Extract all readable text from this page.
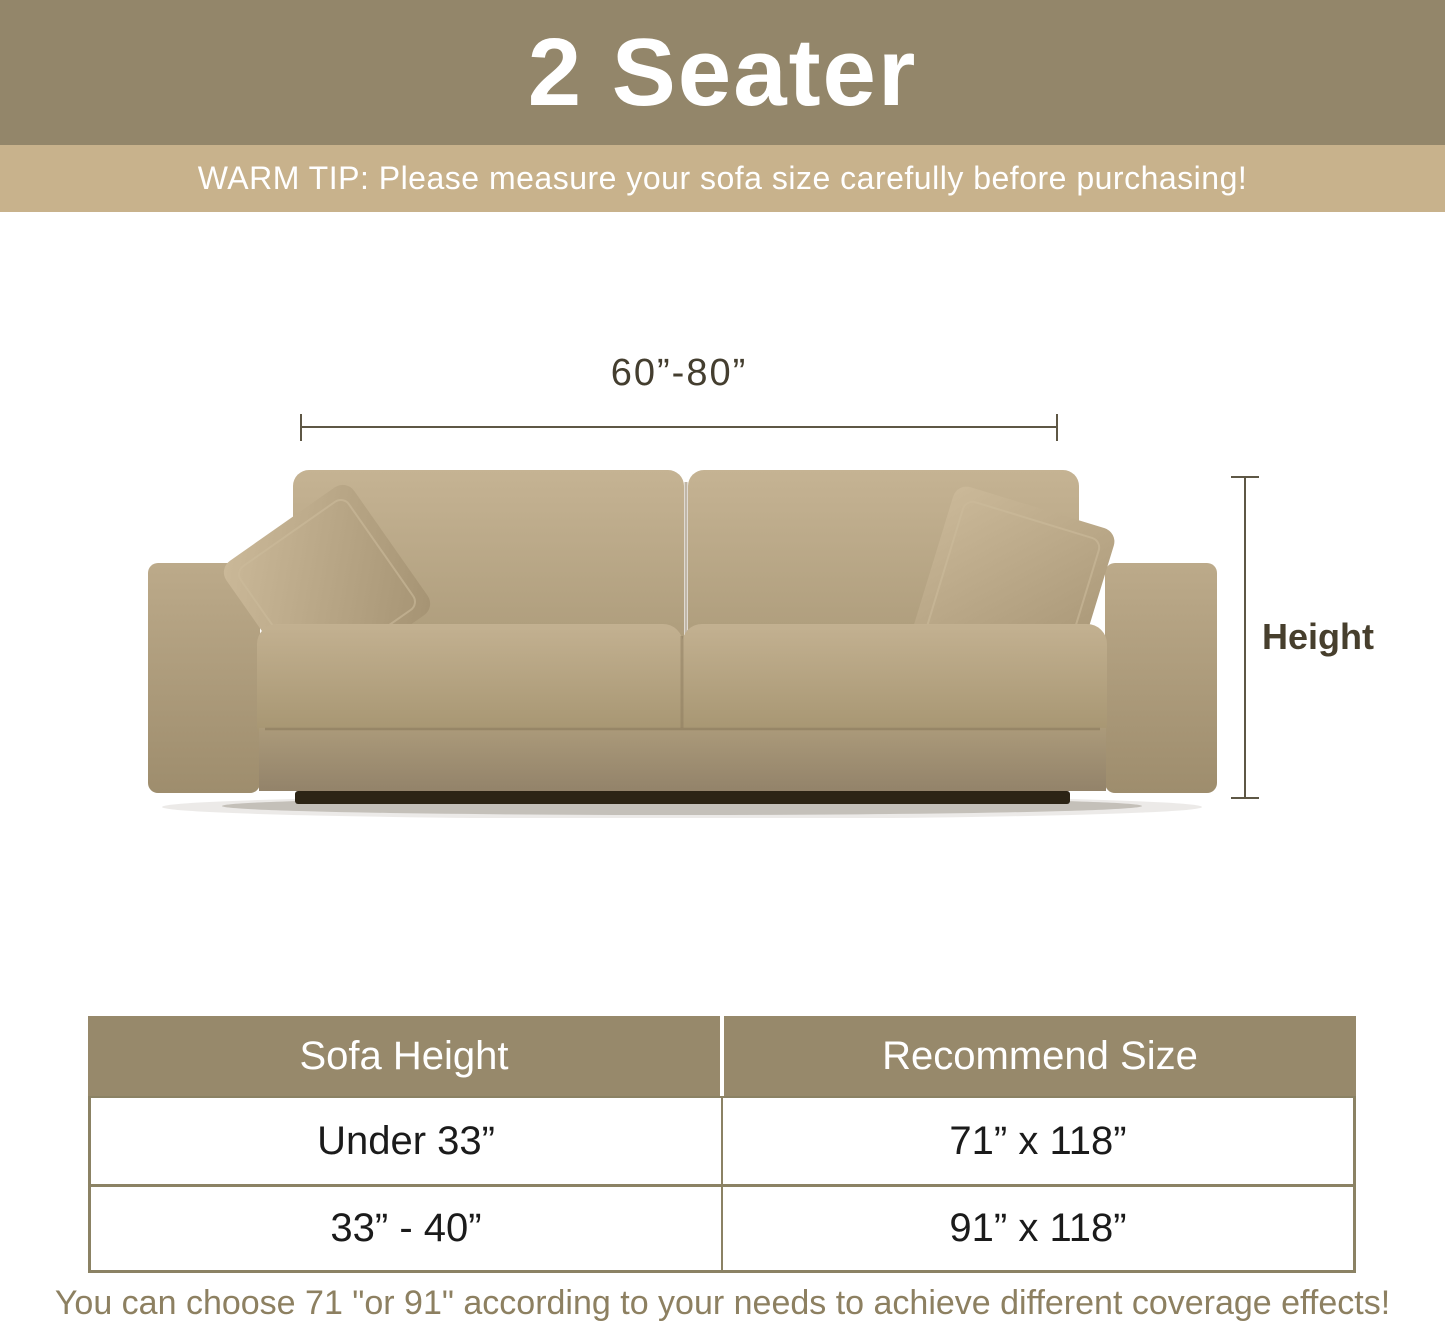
2 Seater
WARM TIP: Please measure your sofa size carefully before purchasing!
60”-80”
Height
Sofa Height	Recommend Size
Under 33”	71” x 118”
33” - 40”	91” x 118”
You can choose 71 "or 91" according to your needs to achieve different coverage effects!
